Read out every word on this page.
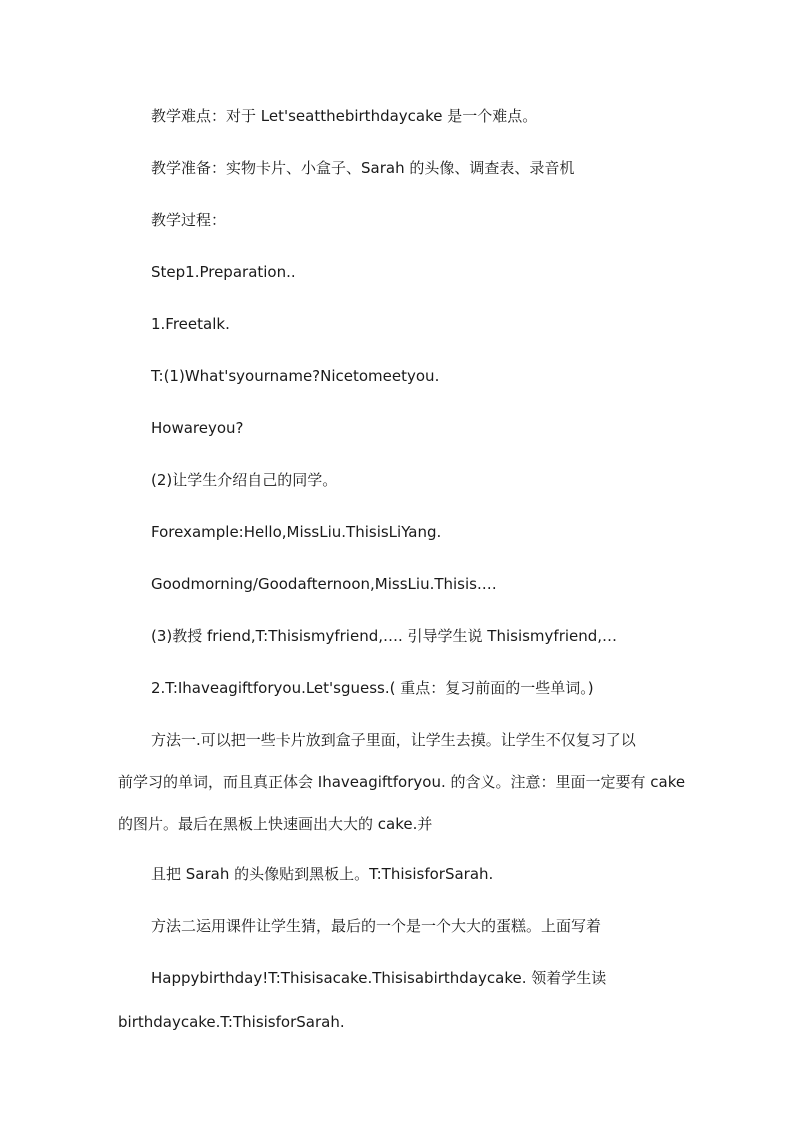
教学难点：对于 Let'seatthebirthdaycake 是一个难点。
教学准备：实物卡片、小盒子、Sarah 的头像、调查表、录音机
教学过程：
Step1.Preparation..
1.Freetalk.
T:(1)What'syourname?Nicetomeetyou.
Howareyou?
(2)让学生介绍自己的同学。
Forexample:Hello,MissLiu.ThisisLiYang.
Goodmorning/Goodafternoon,MissLiu.Thisis.…
(3)教授 friend,T:Thisismyfriend,…. 引导学生说 Thisismyfriend,…
2.T:Ihaveagiftforyou.Let'sguess.( 重点：复习前面的一些单词。)
方法一.可以把一些卡片放到盒子里面，让学生去摸。让学生不仅复习了以
前学习的单词，而且真正体会 Ihaveagiftforyou. 的含义。注意：里面一定要有 cake
的图片。最后在黑板上快速画出大大的 cake.并
且把 Sarah 的头像贴到黑板上。T:ThisisforSarah.
方法二运用课件让学生猜，最后的一个是一个大大的蛋糕。上面写着
Happybirthday!T:Thisisacake.Thisisabirthdaycake. 领着学生读
birthdaycake.T:ThisisforSarah.
